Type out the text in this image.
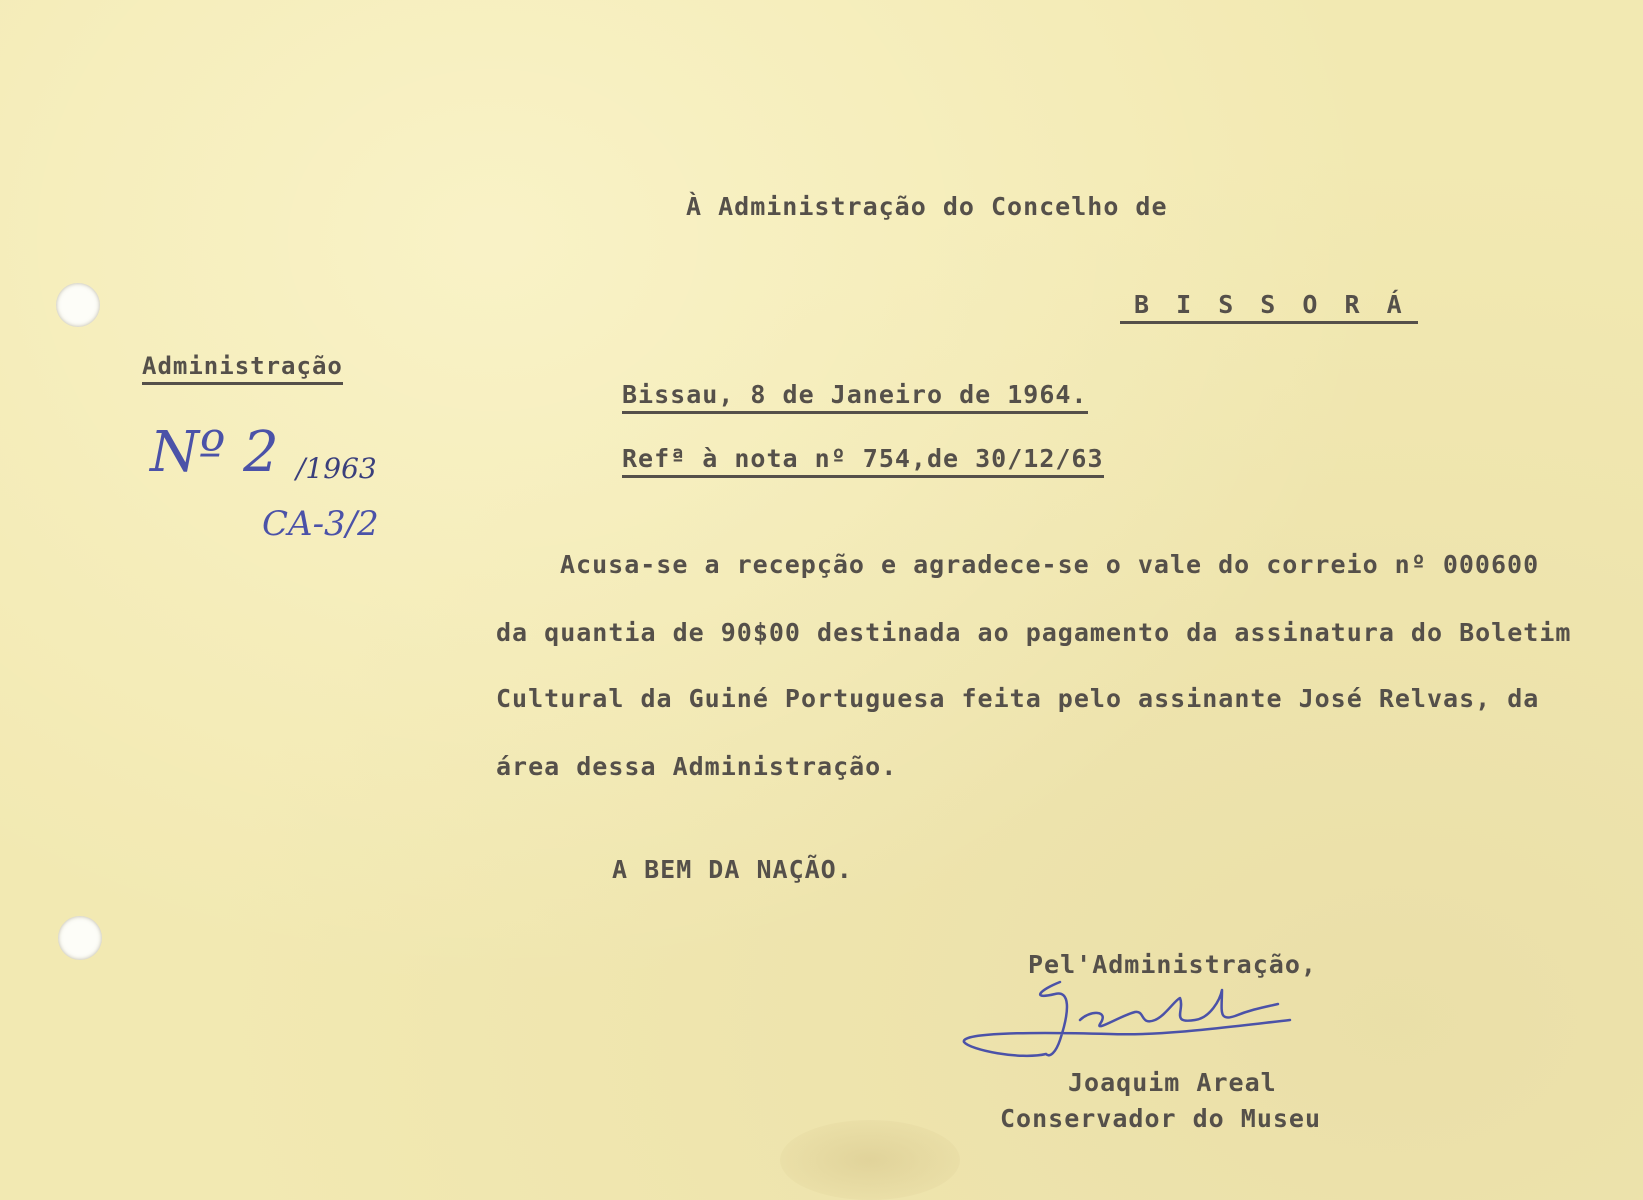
À Administração do Concelho de
B I S S O R Á
Administração
Nº 2 /1963
CA-3/2
Bissau, 8 de Janeiro de 1964.
Refª à nota nº 754,de 30/12/63
Acusa-se a recepção e agradece-se o vale do correio nº 000600
da quantia de 90$00 destinada ao pagamento da assinatura do Boletim
Cultural da Guiné Portuguesa feita pelo assinante José Relvas, da
área dessa Administração.
A BEM DA NAÇÃO.
Pel'Administração,
Joaquim Areal
Conservador do Museu
